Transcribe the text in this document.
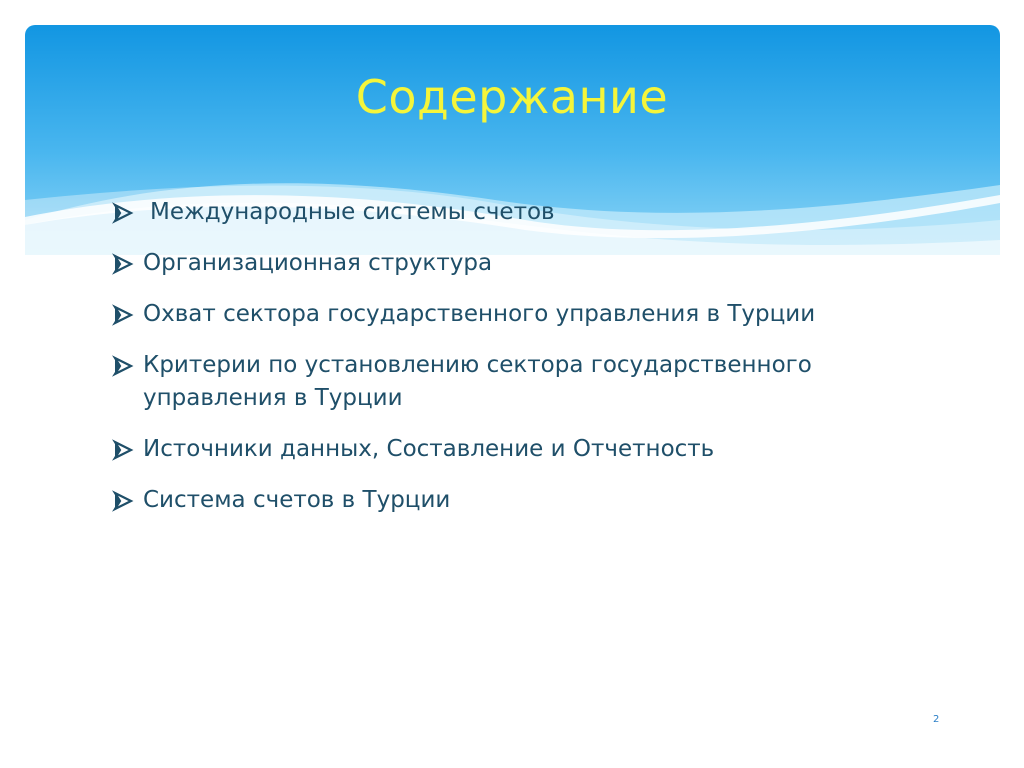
Содержание
Международные системы счетов
Организационная структура
Охват сектора государственного управления в Турции
Критерии по установлению сектора государственного управления в Турции
Источники данных, Составление и Отчетность
Система счетов в Турции
2
